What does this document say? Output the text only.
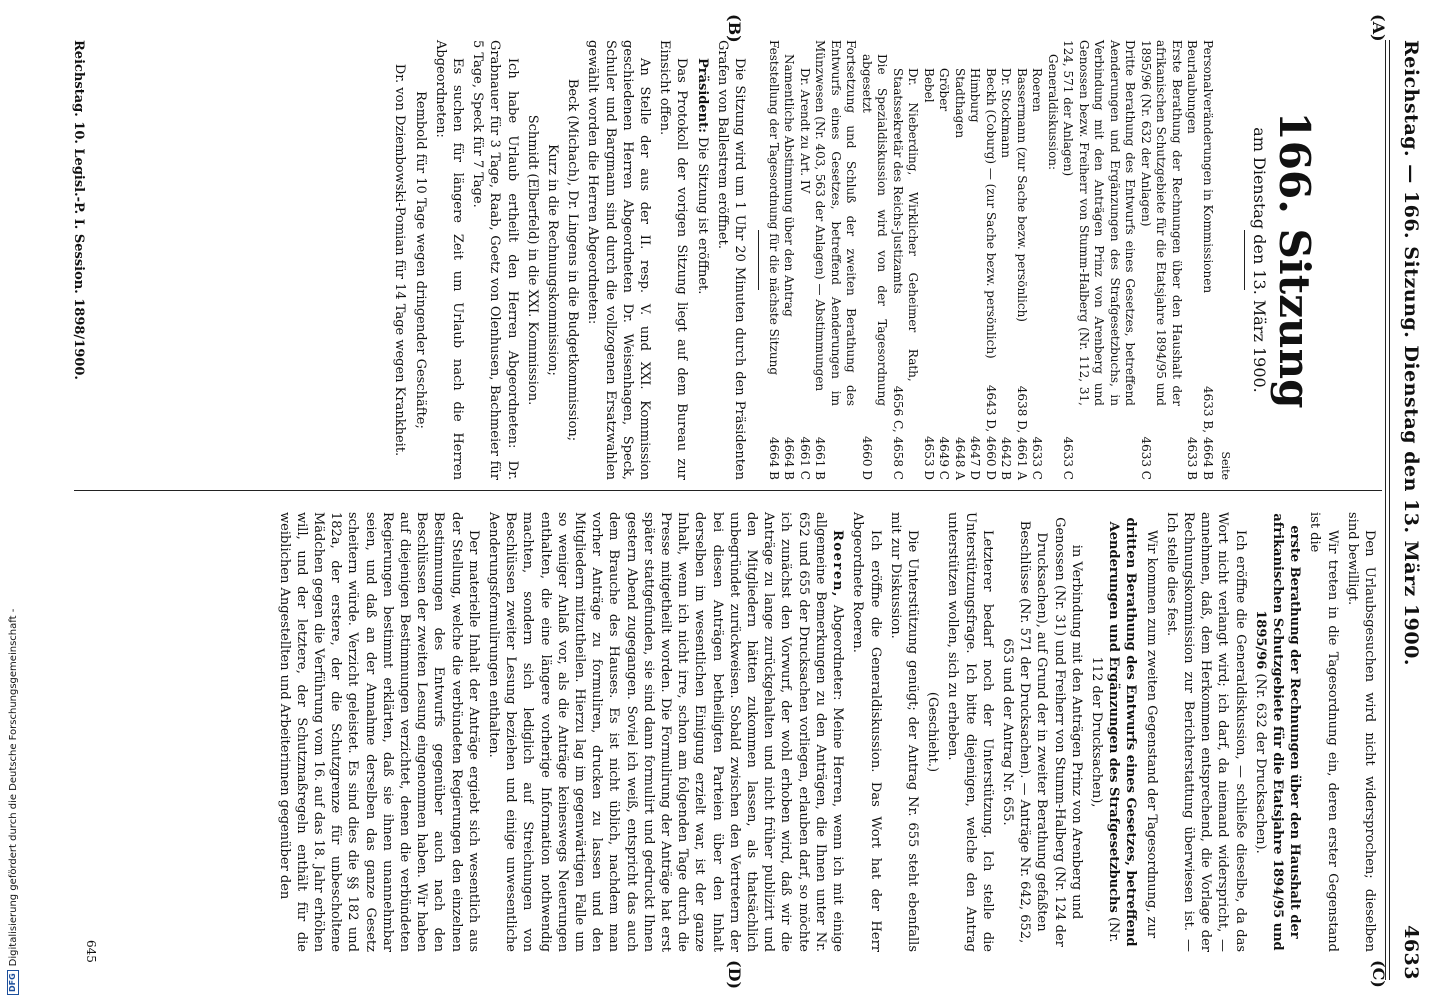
Reichstag. — 166. Sitzung. Dienstag den 13. März 1900.
4633
(A)
(B)
(C)
(D)
166. Sitzung
am Dienstag den 13. März 1900.
Seite
Personalveränderungen in Kommissionen
4633 B, 4664 B
Beurlaubungen
4633 B
Erste Berathung der Rechnungen über den Haushalt der afrikanischen Schutzgebiete für die Etatsjahre 1894/95 und 1895/96 (Nr. 632 der Anlagen)
4633 C
Dritte Berathung des Entwurfs eines Gesetzes, betreffend Aenderungen und Ergänzungen des Strafgesetzbuchs, in Verbindung mit den Anträgen Prinz von Arenberg und Genossen bezw. Freiherr von Stumm-Halberg (Nr. 112, 31, 124, 571 der Anlagen)
4633 C
Generaldiskussion:
Roeren
4633 C
Bassermann (zur Sache bezw. persönlich)
4638 D, 4661 A
Dr. Stockmann
4642 B
Beckh (Coburg) — (zur Sache bezw. persönlich)
4643 D, 4660 D
Himburg
4647 D
Stadthagen
4648 A
Gröber
4649 C
Bebel
4653 D
Dr. Nieberding, Wirklicher Geheimer Rath, Staatssekretär des Reichs-Justizamts
4656 C, 4658 C
Die Spezialdiskussion wird von der Tagesordnung abgesetzt
4660 D
Fortsetzung und Schluß der zweiten Berathung des Entwurfs eines Gesetzes, betreffend Aenderungen im Münzwesen (Nr. 403, 563 der Anlagen) — Abstimmungen
4661 B
Dr. Arendt zu Art. IV
4661 C
Namentliche Abstimmung über den Antrag
4664 B
Feststellung der Tagesordnung für die nächste Sitzung
4664 B

Die Sitzung wird um 1 Uhr 20 Minuten durch den Präsidenten Grafen von Ballestrem eröffnet.

Präsident: Die Sitzung ist eröffnet.

Das Protokoll der vorigen Sitzung liegt auf dem Bureau zur Einsicht offen.

An Stelle der aus der II. resp. V. und XXI. Kommission geschiedenen Herren Abgeordneten Dr. Weisenhagen, Speck, Schuler und Bargmann sind durch die vollzogenen Ersatzwahlen gewählt worden die Herren Abgeordneten:

Beck (Michach), Dr. Lingens in die Budgetkommission;

Kurz in die Rechnungskommission;

Schmidt (Elberfeld) in die XXI. Kommission.

Ich habe Urlaub ertheilt den Herren Abgeordneten: Dr. Grabnauer für 3 Tage, Raab, Goetz von Olenhusen, Bachmeier für 5 Tage, Speck für 7 Tage.

Es suchen für längere Zeit um Urlaub nach die Herren Abgeordneten:

Rembold für 10 Tage wegen dringender Geschäfte;

Dr. von Dziembowski-Pomian für 14 Tage wegen Krankheit.

Den Urlaubsgesuchen wird nicht widersprochen; dieselben sind bewilligt.

Wir treten in die Tagesordnung ein, deren erster Gegenstand ist die

erste Berathung der Rechnungen über den Haushalt der afrikanischen Schutzgebiete für die Etatsjahre 1894/95 und 1895/96 (Nr. 632 der Drucksachen).

Ich eröffne die Generaldiskussion, — schließe dieselbe, da das Wort nicht verlangt wird; ich darf, da niemand widerspricht, — annehmen, daß, dem Herkommen entsprechend, die Vorlage der Rechnungskommission zur Berichterstattung überwiesen ist. — Ich stelle dies fest.

Wir kommen zum zweiten Gegenstand der Tagesordnung, zur

dritten Berathung des Entwurfs eines Gesetzes, betreffend Aenderungen und Ergänzungen des Strafgesetzbuchs (Nr. 112 der Drucksachen),

in Verbindung mit den Anträgen Prinz von Arenberg und Genossen (Nr. 31) und Freiherr von Stumm-Halberg (Nr. 124 der Drucksachen), auf Grund der in zweiter Berathung gefaßten Beschlüsse (Nr. 571 der Drucksachen). — Anträge Nr. 642, 652, 653 und der Antrag Nr. 655.

Letzterer bedarf noch der Unterstützung. Ich stelle die Unterstützungsfrage. Ich bitte diejenigen, welche den Antrag unterstützen wollen, sich zu erheben.

(Geschieht.)

Die Unterstützung genügt; der Antrag Nr. 655 steht ebenfalls mit zur Diskussion.

Ich eröffne die Generaldiskussion. Das Wort hat der Herr Abgeordnete Roeren.

Roeren, Abgeordneter: Meine Herren, wenn ich mit einige allgemeine Bemerkungen zu den Anträgen, die Ihnen unter Nr. 652 und 655 der Drucksachen vorliegen, erlauben darf, so möchte ich zunächst den Vorwurf, der wohl erhoben wird, daß wir die Anträge zu lange zurückgehalten und nicht früher publizirt und den Mitgliedern hätten zukommen lassen, als thatsächlich unbegründet zurückweisen. Sobald zwischen den Vertretern der bei diesen Anträgen betheiligten Parteien über den Inhalt derselben im wesentlichen Einigung erzielt war, ist der ganze Inhalt, wenn ich nicht irre, schon am folgenden Tage durch die Presse mitgetheilt worden. Die Formulirung der Anträge hat erst später stattgefunden, sie sind dann formulirt und gedruckt Ihnen gestern Abend zugegangen. Soviel ich weiß, entspricht das auch dem Brauche des Hauses. Es ist nicht üblich, nachdem man vorher Anträge zu formuliren, drucken zu lassen und den Mitgliedern mitzutheilen. Hierzu lag im gegenwärtigen Falle um so weniger Anlaß vor, als die Anträge keineswegs Neuerungen enthalten, die eine längere vorherige Information nothwendig machten, sondern sich lediglich auf Streichungen von Beschlüssen zweiter Lesung beziehen und einige unwesentliche Aenderungsformulirungen enthalten.

Der materielle Inhalt der Anträge ergiebt sich wesentlich aus der Stellung, welche die verbündeten Regierungen den einzelnen Bestimmungen des Entwurfs gegenüber auch nach den Beschlüssen der zweiten Lesung eingenommen haben. Wir haben auf diejenigen Bestimmungen verzichtet, denen die verbündeten Regierungen bestimmt erklärten, daß sie ihnen unannehmbar seien, und daß an der Annahme derselben das ganze Gesetz scheitern würde. Verzicht geleistet. Es sind dies die §§ 182 und 182a, der erstere, der die Schutzgrenze für unbescholtene Mädchen gegen die Verführung vom 16. auf das 18. Jahr erhöhen will, und der letztere, der Schutzmaßregeln enthält für die weiblichen Angestellten und Arbeiterinnen gegenüber den

Reichstag. 10. Legisl.-P. I. Session. 1898/1900.
645
DFG
Digitalisierung gefördert durch die Deutsche Forschungsgemeinschaft -
